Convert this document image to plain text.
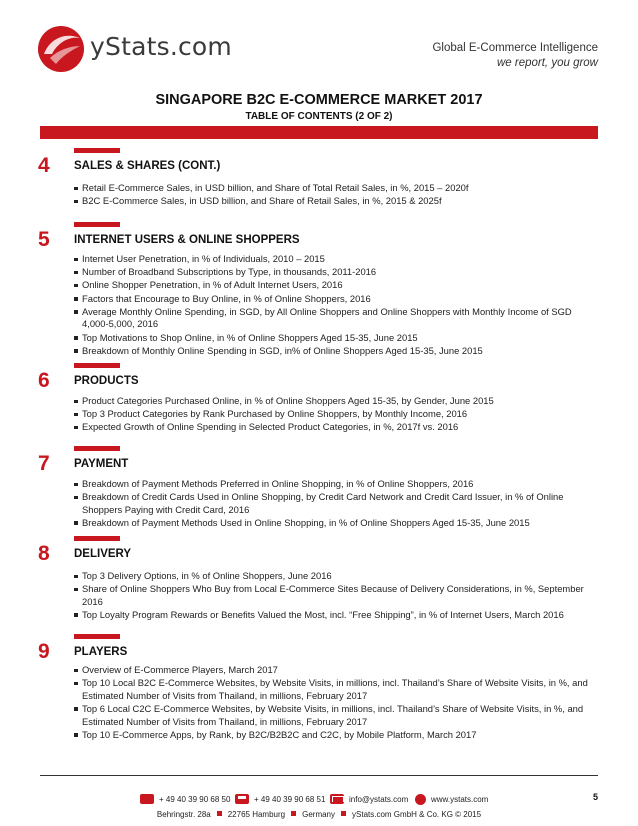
yStats.com	Global E-Commerce Intelligence
we report, you grow
SINGAPORE B2C E-COMMERCE MARKET 2017
TABLE OF CONTENTS (2 OF 2)
4	SALES & SHARES (CONT.)
Retail E-Commerce Sales, in USD billion, and Share of Total Retail Sales, in %, 2015 – 2020f
B2C E-Commerce Sales, in USD billion, and Share of Retail Sales, in %, 2015 & 2025f
5	INTERNET USERS & ONLINE SHOPPERS
Internet User Penetration, in % of Individuals, 2010 – 2015
Number of Broadband Subscriptions by Type, in thousands, 2011-2016
Online Shopper Penetration, in % of Adult Internet Users, 2016
Factors that Encourage to Buy Online, in % of Online Shoppers, 2016
Average Monthly Online Spending, in SGD, by All Online Shoppers and Online Shoppers with Monthly Income of SGD 4,000-5,000, 2016
Top Motivations to Shop Online, in % of Online Shoppers Aged 15-35, June 2015
Breakdown of Monthly Online Spending in SGD, in% of Online Shoppers Aged 15-35, June 2015
6	PRODUCTS
Product Categories Purchased Online, in % of Online Shoppers Aged 15-35, by Gender, June 2015
Top 3 Product Categories by Rank Purchased by Online Shoppers, by Monthly Income, 2016
Expected Growth of Online Spending in Selected Product Categories, in %, 2017f vs. 2016
7	PAYMENT
Breakdown of Payment Methods Preferred in Online Shopping, in % of Online Shoppers, 2016
Breakdown of Credit Cards Used in Online Shopping, by Credit Card Network and Credit Card Issuer, in % of Online Shoppers Paying with Credit Card, 2016
Breakdown of Payment Methods Used in Online Shopping, in % of Online Shoppers Aged 15-35, June 2015
8	DELIVERY
Top 3 Delivery Options, in % of Online Shoppers, June 2016
Share of Online Shoppers Who Buy from Local E-Commerce Sites Because of Delivery Considerations, in %, September 2016
Top Loyalty Program Rewards or Benefits Valued the Most, incl. “Free Shipping”, in % of Internet Users, March 2016
9	PLAYERS
Overview of E-Commerce Players, March 2017
Top 10 Local B2C E-Commerce Websites, by Website Visits, in millions, incl. Thailand’s Share of Website Visits, in %, and Estimated Number of Visits from Thailand, in millions, February 2017
Top 6 Local C2C E-Commerce Websites, by Website Visits, in millions, incl. Thailand’s Share of Website Visits, in %, and Estimated Number of Visits from Thailand, in millions, February 2017
Top 10 E-Commerce Apps, by Rank, by B2C/B2B2C and C2C, by Mobile Platform, March 2017
+ 49 40 39 90 68 50	+ 49 40 39 90 68 51	info@ystats.com	www.ystats.com	5
Behringstr. 28a 22765 Hamburg Germany yStats.com GmbH & Co. KG © 2015
